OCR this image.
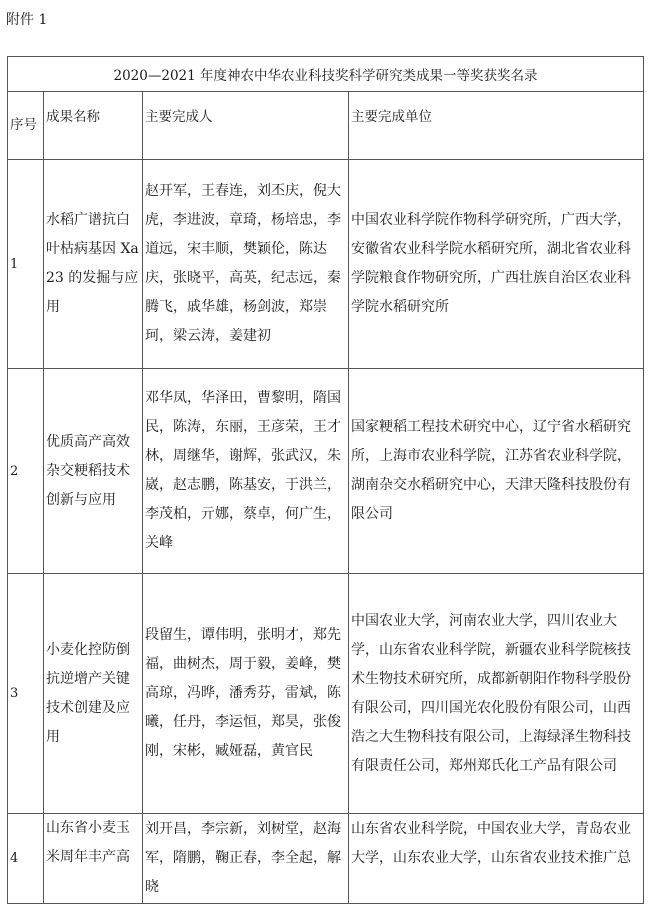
附件 1
2020—2021 年度神农中华农业科技奖科学研究类成果一等奖获奖名录			
序号	成果名称	主要完成人	主要完成单位
1	水稻广谱抗白叶枯病基因 Xa23 的发掘与应用	赵开军，王春连，刘丕庆，倪大虎，李进波，章琦，杨培忠，李道远，宋丰顺，樊颖伦，陈达庆，张晓平，高英，纪志远，秦腾飞，戚华雄，杨剑波，郑崇珂，梁云涛，姜建初	中国农业科学院作物科学研究所，广西大学，安徽省农业科学院水稻研究所，湖北省农业科学院粮食作物研究所，广西壮族自治区农业科学院水稻研究所
2	优质高产高效杂交粳稻技术创新与应用	邓华凤，华泽田，曹黎明，隋国民，陈涛，东丽，王彦荣，王才林，周继华，谢辉，张武汉，朱崴，赵志鹏，陈基安，于洪兰，李茂柏，亓娜，蔡卓，何广生，关峰	国家粳稻工程技术研究中心，辽宁省水稻研究所，上海市农业科学院，江苏省农业科学院，湖南杂交水稻研究中心，天津天隆科技股份有限公司
3	小麦化控防倒抗逆增产关键技术创建及应用	段留生，谭伟明，张明才，郑先福，曲树杰，周于毅，姜峰，樊高琼，冯晔，潘秀芬，雷斌，陈曦，任丹，李运恒，郑昊，张俊刚，宋彬，臧娅磊，黄官民	中国农业大学，河南农业大学，四川农业大学，山东省农业科学院，新疆农业科学院核技术生物技术研究所，成都新朝阳作物科学股份有限公司，四川国光农化股份有限公司，山西浩之大生物科技有限公司，上海绿泽生物科技有限责任公司，郑州郑氏化工产品有限公司
4	山东省小麦玉米周年丰产高	刘开昌，李宗新，刘树堂，赵海军，隋鹏，鞠正春，李全起，解晓	山东省农业科学院，中国农业大学，青岛农业大学，山东农业大学，山东省农业技术推广总
